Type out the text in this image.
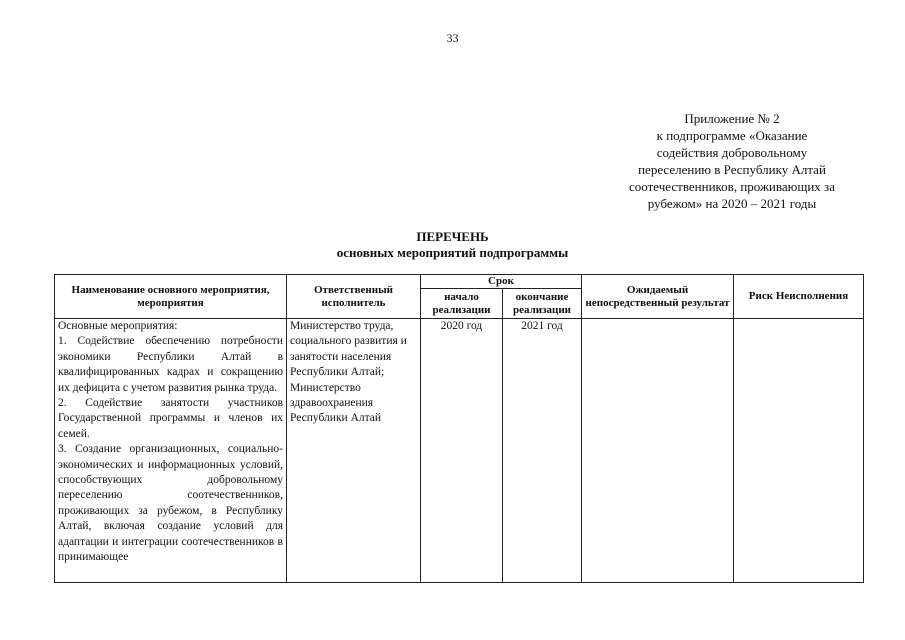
33
Приложение № 2
к подпрограмме «Оказание
содействия добровольному
переселению в Республику Алтай
соотечественников, проживающих за
рубежом» на 2020 – 2021 годы
ПЕРЕЧЕНЬ
основных мероприятий подпрограммы
Наименование основного мероприятия, мероприятия	Ответственный исполнитель	Срок		Ожидаемый непосредственный результат	Риск Неисполнения
		начало реализации	окончание реализации		

Основные мероприятия:
1. Содействие обеспечению потребности экономики Республики Алтай в квалифицированных кадрах и сокращению их дефицита с учетом развития рынка труда.
2. Содействие занятости участников Государственной программы и членов их семей.
3. Создание организационных, социально-экономических и информационных условий, способствующих добровольному переселению соотечественников, проживающих за рубежом, в Республику Алтай, включая создание условий для адаптации и интеграции соотечественников в принимающее	Министерство труда, социального развития и занятости населения Республики Алтай; Министерство здравоохранения Республики Алтай	2020 год	2021 год		
